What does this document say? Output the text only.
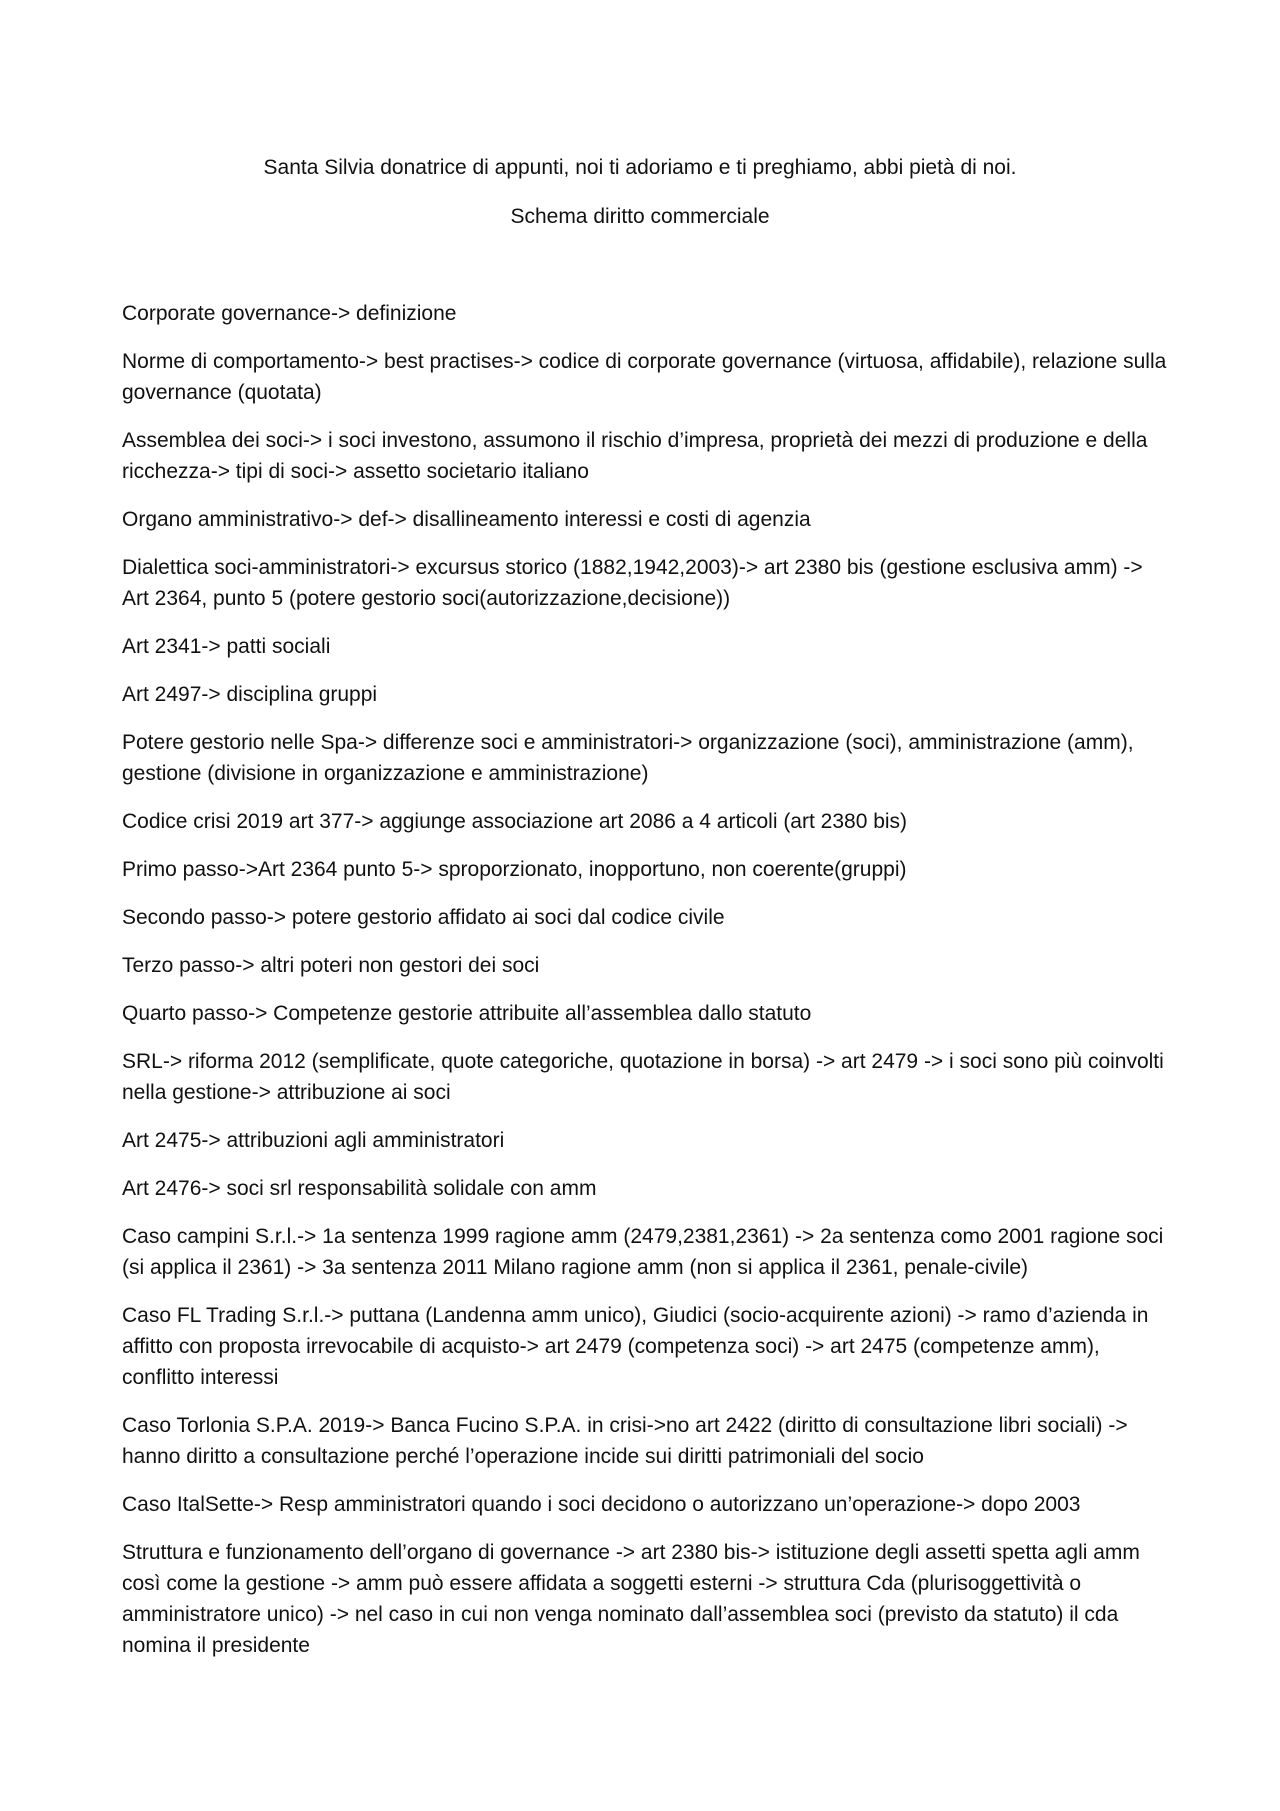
Santa Silvia donatrice di appunti, noi ti adoriamo e ti preghiamo, abbi pietà di noi.

Schema diritto commerciale

Corporate governance-> definizione

Norme di comportamento-> best practises-> codice di corporate governance (virtuosa, affidabile), relazione sulla governance (quotata)

Assemblea dei soci-> i soci investono, assumono il rischio d’impresa, proprietà dei mezzi di produzione e della ricchezza-> tipi di soci-> assetto societario italiano

Organo amministrativo-> def-> disallineamento interessi e costi di agenzia

Dialettica soci-amministratori-> excursus storico (1882,1942,2003)-> art 2380 bis (gestione esclusiva amm) -> Art 2364, punto 5 (potere gestorio soci(autorizzazione,decisione))

Art 2341-> patti sociali

Art 2497-> disciplina gruppi

Potere gestorio nelle Spa-> differenze soci e amministratori-> organizzazione (soci), amministrazione (amm), gestione (divisione in organizzazione e amministrazione)

Codice crisi 2019 art 377-> aggiunge associazione art 2086 a 4 articoli (art 2380 bis)

Primo passo->Art 2364 punto 5-> sproporzionato, inopportuno, non coerente(gruppi)

Secondo passo-> potere gestorio affidato ai soci dal codice civile

Terzo passo-> altri poteri non gestori dei soci

Quarto passo-> Competenze gestorie attribuite all’assemblea dallo statuto

SRL-> riforma 2012 (semplificate, quote categoriche, quotazione in borsa) -> art 2479 -> i soci sono più coinvolti nella gestione-> attribuzione ai soci

Art 2475-> attribuzioni agli amministratori

Art 2476-> soci srl responsabilità solidale con amm

Caso campini S.r.l.-> 1a sentenza 1999 ragione amm (2479,2381,2361) -> 2a sentenza como 2001 ragione soci (si applica il 2361) -> 3a sentenza 2011 Milano ragione amm (non si applica il 2361, penale-civile)

Caso FL Trading S.r.l.-> puttana (Landenna amm unico), Giudici (socio-acquirente azioni) -> ramo d’azienda in affitto con proposta irrevocabile di acquisto-> art 2479 (competenza soci) -> art 2475 (competenze amm), conflitto interessi

Caso Torlonia S.P.A. 2019-> Banca Fucino S.P.A. in crisi->no art 2422 (diritto di consultazione libri sociali) -> hanno diritto a consultazione perché l’operazione incide sui diritti patrimoniali del socio

Caso ItalSette-> Resp amministratori quando i soci decidono o autorizzano un’operazione-> dopo 2003

Struttura e funzionamento dell’organo di governance -> art 2380 bis-> istituzione degli assetti spetta agli amm così come la gestione -> amm può essere affidata a soggetti esterni -> struttura Cda (plurisoggettività o amministratore unico) -> nel caso in cui non venga nominato dall’assemblea soci (previsto da statuto) il cda nomina il presidente
